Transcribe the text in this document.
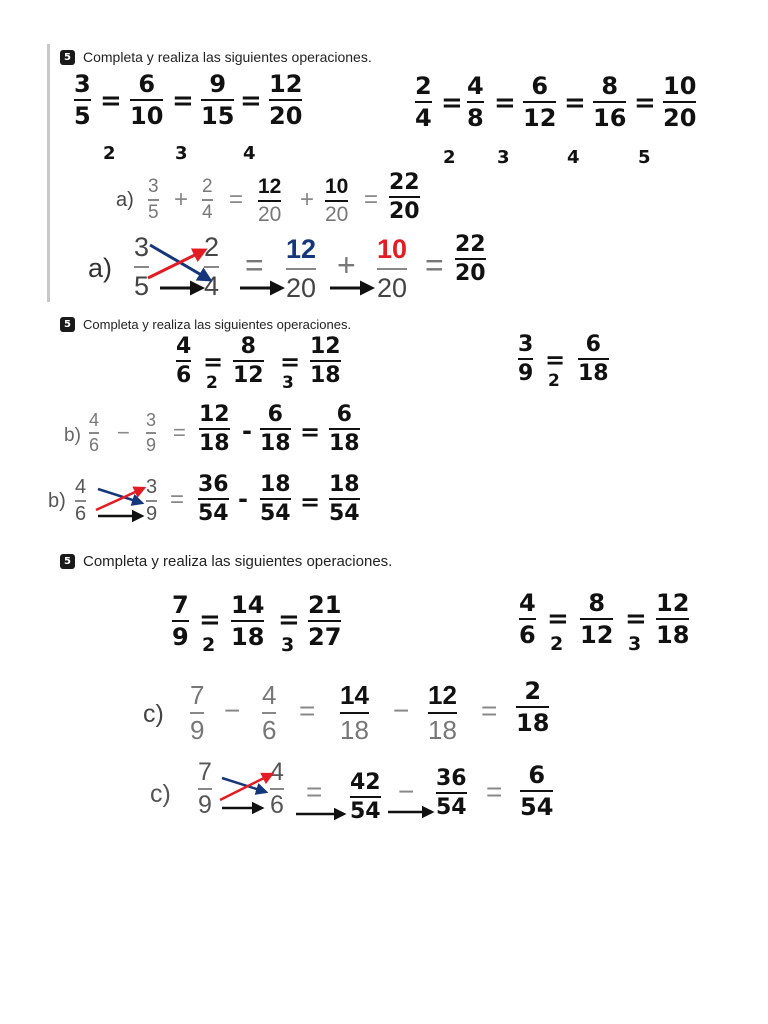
5 Completa y realiza las siguientes operaciones.
3
5 =
6
10 =
9
15 =
12
20
2	3	4
2
4 =
4
8 =
6
12 =
8
16 =
10
20
2 3	4	5
a)
3
5 + 2
4 = 12
20
+ 10
20
=
22
20
a)
3
5
2
4
= 12
20
+ 10
20
=
22
20
5 Completa y realiza las siguientes operaciones.
4
6 =
2
8
12 =
3
12
18
3
9 =
2
6
18
b)
4
6 − 3
9 =
12
18 -
6
18 =
6
18
b)
4
6
3
9
=
36
54
-
18
54 =
18
54
5 Completa y realiza las siguientes operaciones.
7
9
=
2
14
18
=
3
21
27
4
6
=
2
8
12
=
3
12
18
c)
7
9
− 4
6
= 14
18
− 12
18
=
2
18
c)
7
9
4
6 = 42
54
− 36
54
=
6
54
